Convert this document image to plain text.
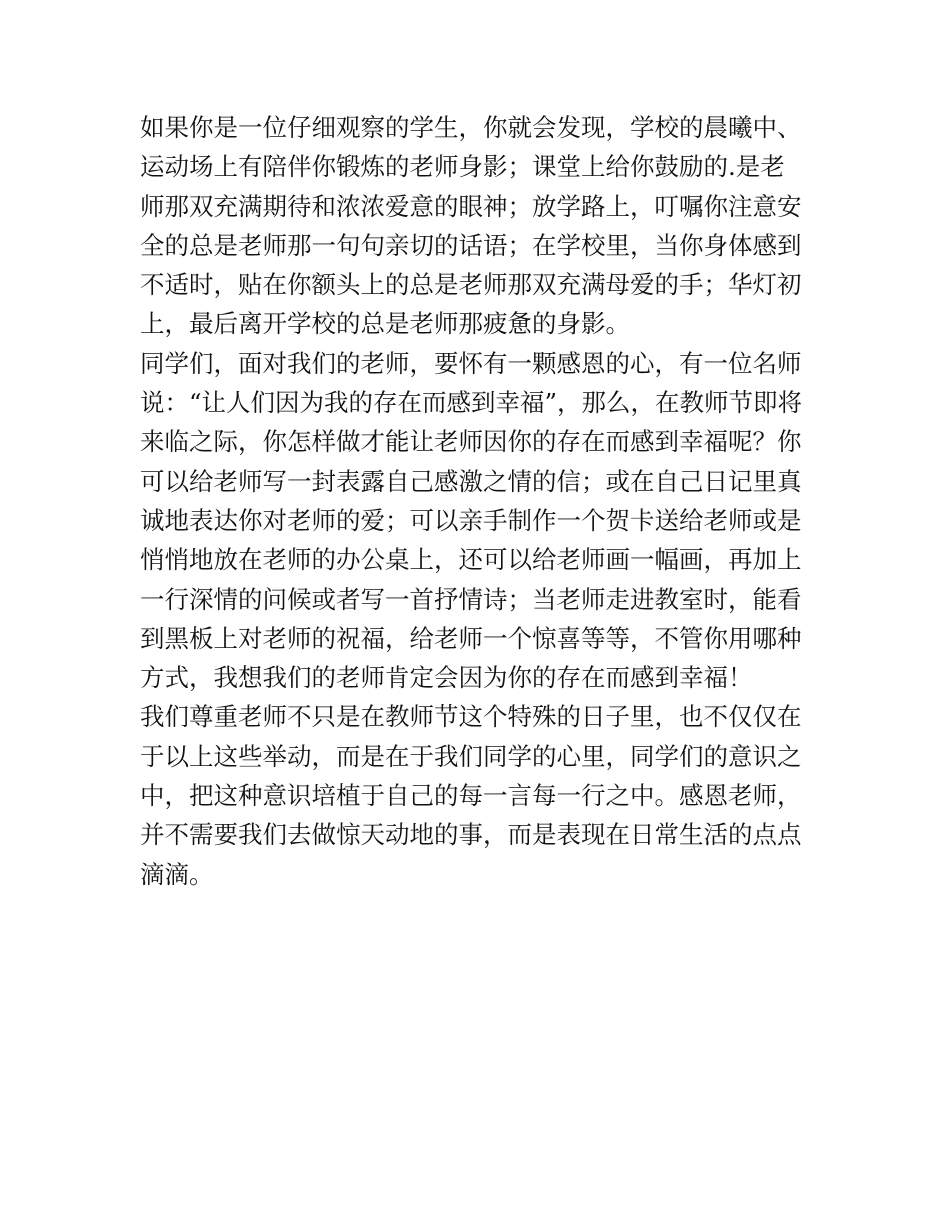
如果你是一位仔细观察的学生，你就会发现，学校的晨曦中、
运动场上有陪伴你锻炼的老师身影；课堂上给你鼓励的.是老
师那双充满期待和浓浓爱意的眼神；放学路上，叮嘱你注意安
全的总是老师那一句句亲切的话语；在学校里，当你身体感到
不适时，贴在你额头上的总是老师那双充满母爱的手；华灯初
上，最后离开学校的总是老师那疲惫的身影。
同学们，面对我们的老师，要怀有一颗感恩的心，有一位名师
说：“让人们因为我的存在而感到幸福”，那么，在教师节即将
来临之际，你怎样做才能让老师因你的存在而感到幸福呢？你
可以给老师写一封表露自己感激之情的信；或在自己日记里真
诚地表达你对老师的爱；可以亲手制作一个贺卡送给老师或是
悄悄地放在老师的办公桌上，还可以给老师画一幅画，再加上
一行深情的问候或者写一首抒情诗；当老师走进教室时，能看
到黑板上对老师的祝福，给老师一个惊喜等等，不管你用哪种
方式，我想我们的老师肯定会因为你的存在而感到幸福！
我们尊重老师不只是在教师节这个特殊的日子里，也不仅仅在
于以上这些举动，而是在于我们同学的心里，同学们的意识之
中，把这种意识培植于自己的每一言每一行之中。感恩老师，
并不需要我们去做惊天动地的事，而是表现在日常生活的点点
滴滴。
